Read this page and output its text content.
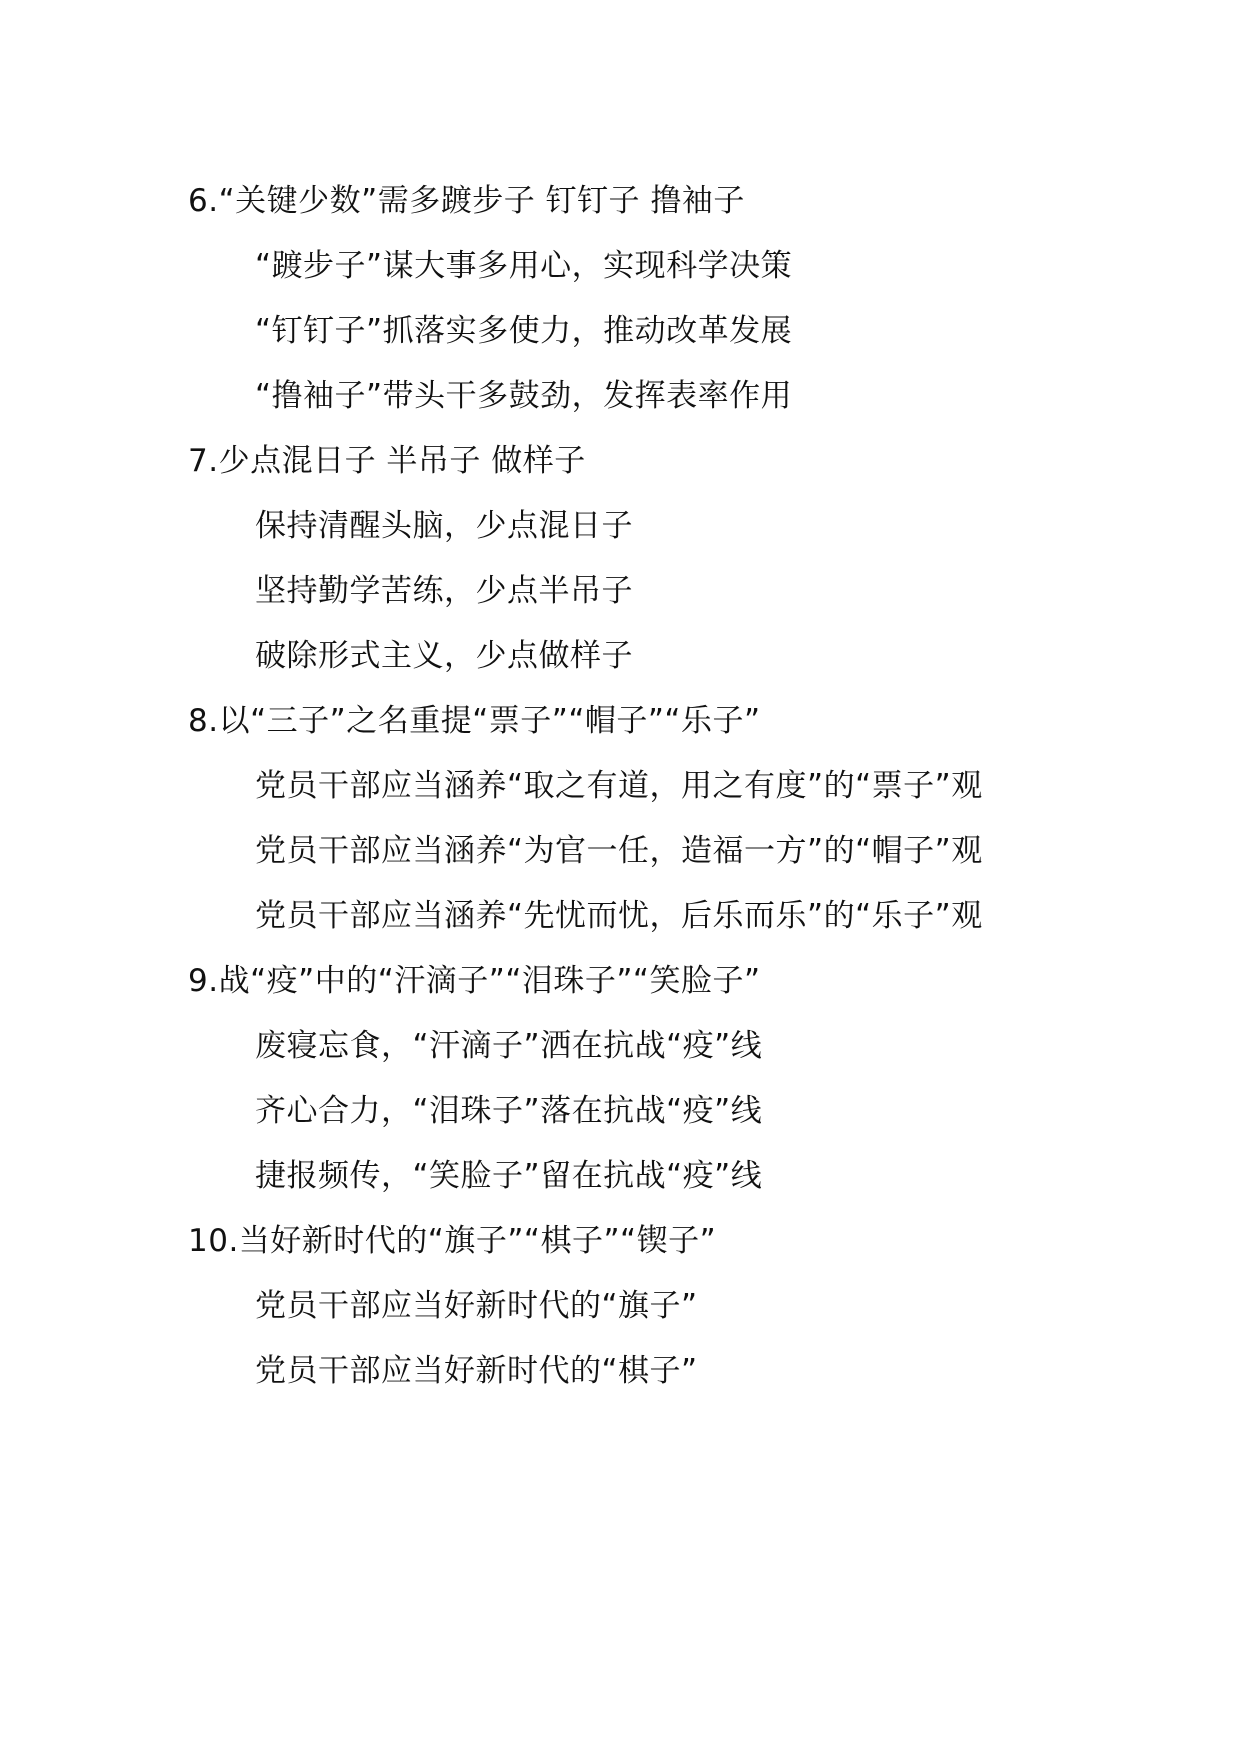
6.“关键少数”需多踱步子 钉钉子 撸袖子
“踱步子”谋大事多用心，实现科学决策
“钉钉子”抓落实多使力，推动改革发展
“撸袖子”带头干多鼓劲，发挥表率作用
7.少点混日子 半吊子 做样子
保持清醒头脑，少点混日子
坚持勤学苦练，少点半吊子
破除形式主义，少点做样子
8.以“三子”之名重提“票子”“帽子”“乐子”
党员干部应当涵养“取之有道，用之有度”的“票子”观
党员干部应当涵养“为官一任，造福一方”的“帽子”观
党员干部应当涵养“先忧而忧，后乐而乐”的“乐子”观
9.战“疫”中的“汗滴子”“泪珠子”“笑脸子”
废寝忘食，“汗滴子”洒在抗战“疫”线
齐心合力，“泪珠子”落在抗战“疫”线
捷报频传，“笑脸子”留在抗战“疫”线
10.当好新时代的“旗子”“棋子”“锲子”
党员干部应当好新时代的“旗子”
党员干部应当好新时代的“棋子”
